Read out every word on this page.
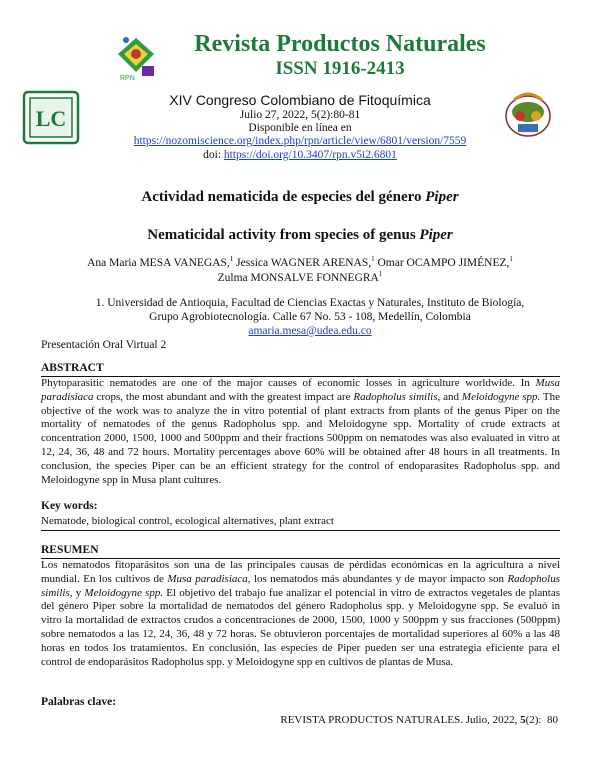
RPN
LC
Revista Productos Naturales
ISSN 1916-2413
XIV Congreso Colombiano de Fitoquímica
Julio 27, 2022, 5(2):80-81
Disponible en línea en
https://nozomiscience.org/index.php/rpn/article/view/6801/version/7559
doi: https://doi.org/10.3407/rpn.v5i2.6801
Actividad nematicida de especies del género Piper
Nematicidal activity from species of genus Piper
Ana Maria MESA VANEGAS,$^1$ Jessica WAGNER ARENAS,$^1$ Omar OCAMPO JIMÉNEZ,$^1$
Zulma MONSALVE FONNEGRA$^1$
1. Universidad de Antioquia, Facultad de Ciencias Exactas y Naturales, Instituto de Biología,
Grupo Agrobiotecnología. Calle 67 No. 53 - 108, Medellín, Colombia
amaria.mesa@udea.edu.co
Presentación Oral Virtual 2
ABSTRACT
Phytoparasitic nematodes are one of the major causes of economic losses in agriculture worldwide. In Musa paradisiaca crops, the most abundant and with the greatest impact are Radopholus similis, and Meloidogyne spp. The objective of the work was to analyze the in vitro potential of plant extracts from plants of the genus Piper on the mortality of nematodes of the genus Radopholus spp. and Meloidogyne spp. Mortality of crude extracts at concentration 2000, 1500, 1000 and 500ppm and their fractions 500ppm on nematodes was also evaluated in vitro at 12, 24, 36, 48 and 72 hours. Mortality percentages above 60% will be obtained after 48 hours in all treatments. In conclusion, the species Piper can be an efficient strategy for the control of endoparasites Radopholus spp. and Meloidogyne spp in Musa plant cultures.
Key words:
Nematode, biological control, ecological alternatives, plant extract
RESUMEN
Los nematodos fitoparásitos son una de las principales causas de pérdidas económicas en la agricultura a nivel mundial. En los cultivos de Musa paradisiaca, los nematodos más abundantes y de mayor impacto son Radopholus similis, y Meloidogyne spp. El objetivo del trabajo fue analizar el potencial in vitro de extractos vegetales de plantas del género Piper sobre la mortalidad de nematodos del género Radopholus spp. y Meloidogyne spp. Se evaluó in vitro la mortalidad de extractos crudos a concentraciones de 2000, 1500, 1000 y 500ppm y sus fracciones (500ppm) sobre nematodos a las 12, 24, 36, 48 y 72 horas. Se obtuvieron porcentajes de mortalidad superiores al 60% a las 48 horas en todos los tratamientos. En conclusión, las especies de Piper pueden ser una estrategia eficiente para el control de endoparásitos Radopholus spp. y Meloidogyne spp en cultivos de plantas de Musa.
Palabras clave:
REVISTA PRODUCTOS NATURALES. Julio, 2022, 5(2): 80
